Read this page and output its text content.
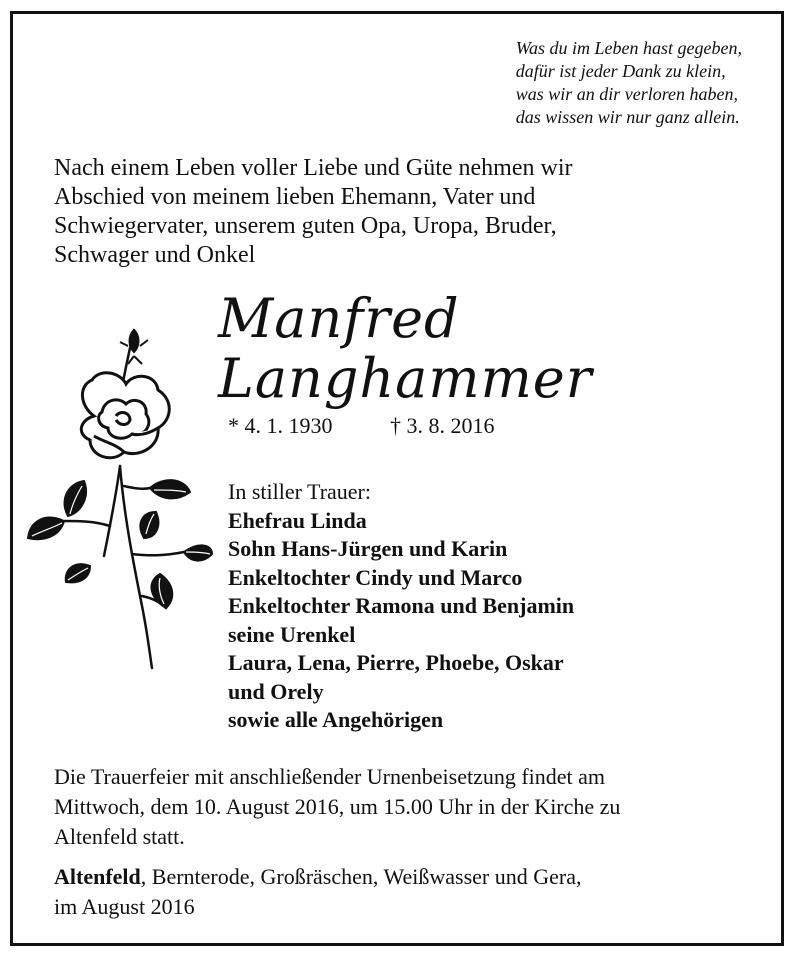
Was du im Leben hast gegeben,
dafür ist jeder Dank zu klein,
was wir an dir verloren haben,
das wissen wir nur ganz allein.
Nach einem Leben voller Liebe und Güte nehmen wir
Abschied von meinem lieben Ehemann, Vater und
Schwiegervater, unserem guten Opa, Uropa, Bruder,
Schwager und Onkel
Manfred
Langhammer
* 4. 1. 1930	† 3. 8. 2016
In stiller Trauer:
Ehefrau Linda
Sohn Hans-Jürgen und Karin
Enkeltochter Cindy und Marco
Enkeltochter Ramona und Benjamin
seine Urenkel
Laura, Lena, Pierre, Phoebe, Oskar
und Orely
sowie alle Angehörigen
Die Trauerfeier mit anschließender Urnenbeisetzung findet am
Mittwoch, dem 10. August 2016, um 15.00 Uhr in der Kirche zu
Altenfeld statt.
Altenfeld, Bernterode, Großräschen, Weißwasser und Gera,
im August 2016
